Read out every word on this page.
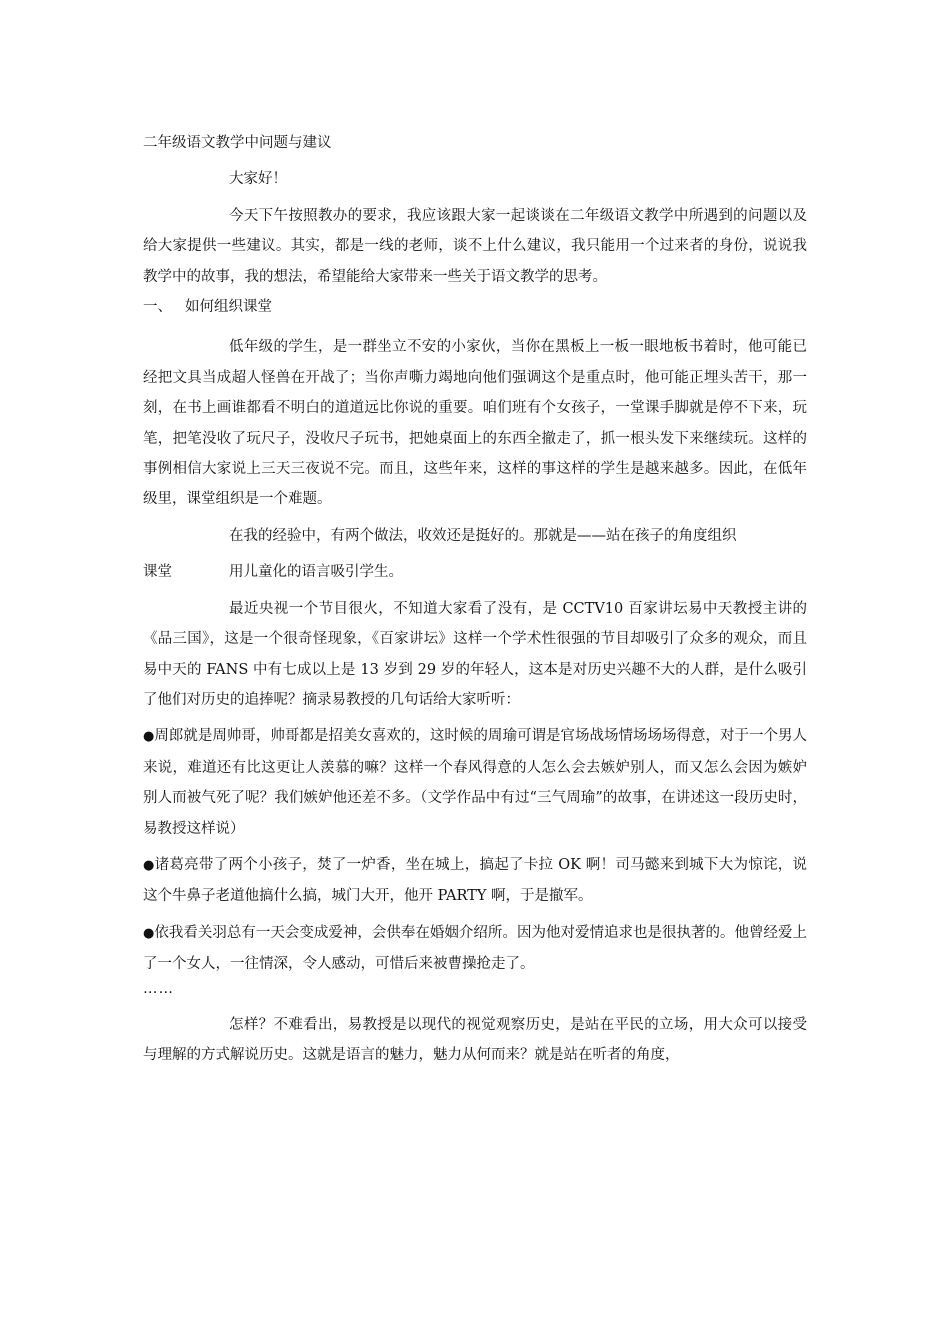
二年级语文教学中问题与建议

大家好！

今天下午按照教办的要求，我应该跟大家一起谈谈在二年级语文教学中所遇到的问题以及给大家提供一些建议。其实，都是一线的老师，谈不上什么建议，我只能用一个过来者的身份，说说我教学中的故事，我的想法，希望能给大家带来一些关于语文教学的思考。

一、 如何组织课堂

低年级的学生，是一群坐立不安的小家伙，当你在黑板上一板一眼地板书着时，他可能已经把文具当成超人怪兽在开战了；当你声嘶力竭地向他们强调这个是重点时，他可能正埋头苦干，那一刻，在书上画谁都看不明白的道道远比你说的重要。咱们班有个女孩子，一堂课手脚就是停不下来，玩笔，把笔没收了玩尺子，没收尺子玩书，把她桌面上的东西全撤走了，抓一根头发下来继续玩。这样的事例相信大家说上三天三夜说不完。而且，这些年来，这样的事这样的学生是越来越多。因此，在低年级里，课堂组织是一个难题。

在我的经验中，有两个做法，收效还是挺好的。那就是——站在孩子的角度组织

课堂	用儿童化的语言吸引学生。

最近央视一个节目很火，不知道大家看了没有，是 CCTV10 百家讲坛易中天教授主讲的《品三国》，这是一个很奇怪现象，《百家讲坛》这样一个学术性很强的节目却吸引了众多的观众，而且易中天的 FANS 中有七成以上是 13 岁到 29 岁的年轻人，这本是对历史兴趣不大的人群，是什么吸引了他们对历史的追捧呢？摘录易教授的几句话给大家听听：

●周郎就是周帅哥，帅哥都是招美女喜欢的，这时候的周瑜可谓是官场战场情场场场得意，对于一个男人来说，难道还有比这更让人羡慕的嘛？这样一个春风得意的人怎么会去嫉妒别人，而又怎么会因为嫉妒别人而被气死了呢？我们嫉妒他还差不多。（文学作品中有过“三气周瑜”的故事，在讲述这一段历史时，易教授这样说）

●诸葛亮带了两个小孩子，焚了一炉香，坐在城上，搞起了卡拉 OK 啊！司马懿来到城下大为惊诧，说这个牛鼻子老道他搞什么搞，城门大开，他开 PARTY 啊，于是撤军。

●依我看关羽总有一天会变成爱神，会供奉在婚姻介绍所。因为他对爱情追求也是很执著的。他曾经爱上了一个女人，一往情深，令人感动，可惜后来被曹操抢走了。

……

怎样？不难看出，易教授是以现代的视觉观察历史，是站在平民的立场，用大众可以接受与理解的方式解说历史。这就是语言的魅力，魅力从何而来？就是站在听者的角度，
